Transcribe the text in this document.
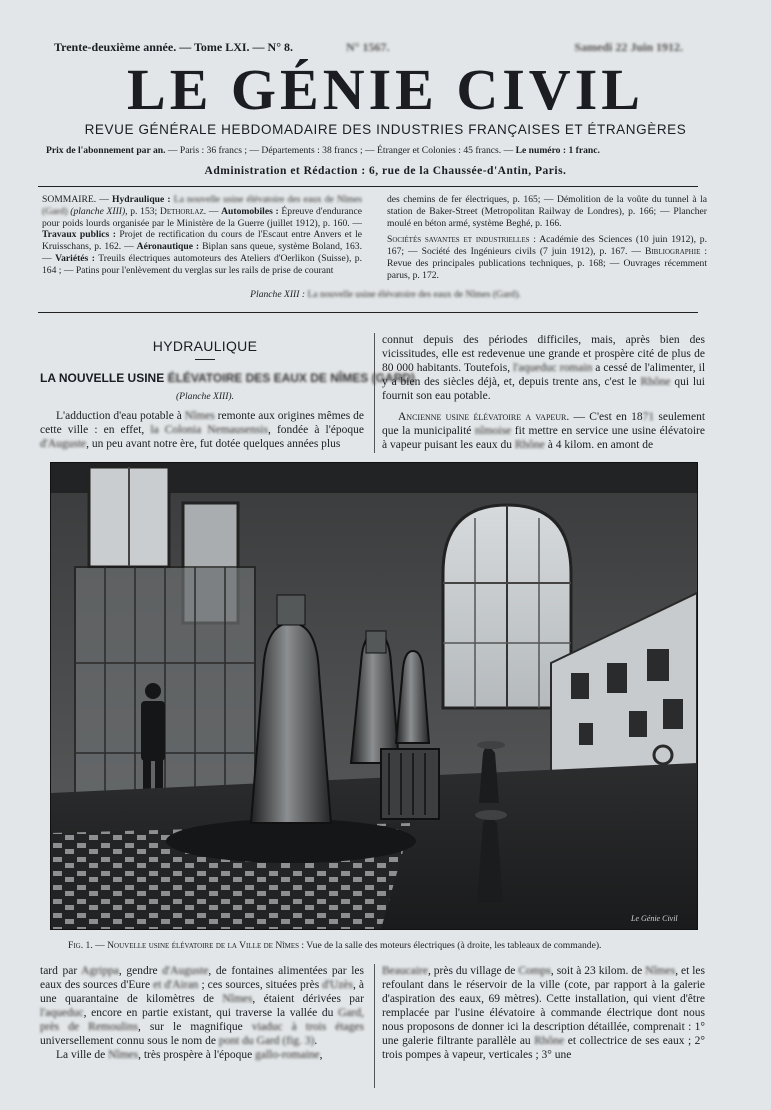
Trente-deuxième année. — Tome LXI. — N° 8.	N° 1567.	Samedi 22 Juin 1912.
LE GÉNIE CIVIL
REVUE GÉNÉRALE HEBDOMADAIRE DES INDUSTRIES FRANÇAISES ET ÉTRANGÈRES
Prix de l'abonnement par an. — Paris : 36 francs ; — Départements : 38 francs ; — Étranger et Colonies : 45 francs. — Le numéro : 1 franc.
Administration et Rédaction : 6, rue de la Chaussée-d'Antin, Paris.
SOMMAIRE. — Hydraulique : La nouvelle usine élévatoire des eaux de Nîmes (Gard) (planche XIII), p. 153; Dethorlaz. — Automobiles : Épreuve d'endurance pour poids lourds organisée par le Ministère de la Guerre (juillet 1912), p. 160. — Travaux publics : Projet de rectification du cours de l'Escaut entre Anvers et le Kruisschans, p. 162. — Aéronautique : Biplan sans queue, système Boland, 163. — Variétés : Treuils électriques automoteurs des Ateliers d'Oerlikon (Suisse), p. 164 ; — Patins pour l'enlèvement du verglas sur les rails de prise de courant
des chemins de fer électriques, p. 165; — Démolition de la voûte du tunnel à la station de Baker-Street (Metropolitan Railway de Londres), p. 166; — Plancher moulé en béton armé, système Beghé, p. 166.
Sociétés savantes et industrielles : Académie des Sciences (10 juin 1912), p. 167; — Société des Ingénieurs civils (7 juin 1912), p. 167. — Bibliographie : Revue des principales publications techniques, p. 168; — Ouvrages récemment parus, p. 172.
Planche XIII : La nouvelle usine élévatoire des eaux de Nîmes (Gard).
HYDRAULIQUE
LA NOUVELLE USINE ÉLÉVATOIRE DES EAUX DE NÎMES (GARD)
(Planche XIII).

L'adduction d'eau potable à Nîmes remonte aux origines mêmes de cette ville : en effet, la Colonia Nemausensis, fondée à l'époque d'Auguste, un peu avant notre ère, fut dotée quelques années plus

connut depuis des périodes difficiles, mais, après bien des vicissitudes, elle est redevenue une grande et prospère cité de plus de 80 000 habitants. Toutefois, l'aqueduc romain a cessé de l'alimenter, il y a bien des siècles déjà, et, depuis trente ans, c'est le Rhône qui lui fournit son eau potable.

Ancienne usine élévatoire a vapeur. — C'est en 1871 seulement que la municipalité nîmoise fit mettre en service une usine élévatoire à vapeur puisant les eaux du Rhône à 4 kilom. en amont de

Le Génie Civil
Fig. 1. — Nouvelle usine élévatoire de la Ville de Nîmes : Vue de la salle des moteurs électriques (à droite, les tableaux de commande).

tard par Agrippa, gendre d'Auguste, de fontaines alimentées par les eaux des sources d'Eure et d'Airan ; ces sources, situées près d'Uzès, à une quarantaine de kilomètres de Nîmes, étaient dérivées par l'aqueduc, encore en partie existant, qui traverse la vallée du Gard, près de Remoulins, sur le magnifique viaduc à trois étages universellement connu sous le nom de pont du Gard (fig. 3).

La ville de Nîmes, très prospère à l'époque gallo-romaine,

Beaucaire, près du village de Comps, soit à 23 kilom. de Nîmes, et les refoulant dans le réservoir de la ville (cote, par rapport à la galerie d'aspiration des eaux, 69 mètres). Cette installation, qui vient d'être remplacée par l'usine élévatoire à commande électrique dont nous nous proposons de donner ici la description détaillée, comprenait : 1° une galerie filtrante parallèle au Rhône et collectrice de ses eaux ; 2° trois pompes à vapeur, verticales ; 3° une
